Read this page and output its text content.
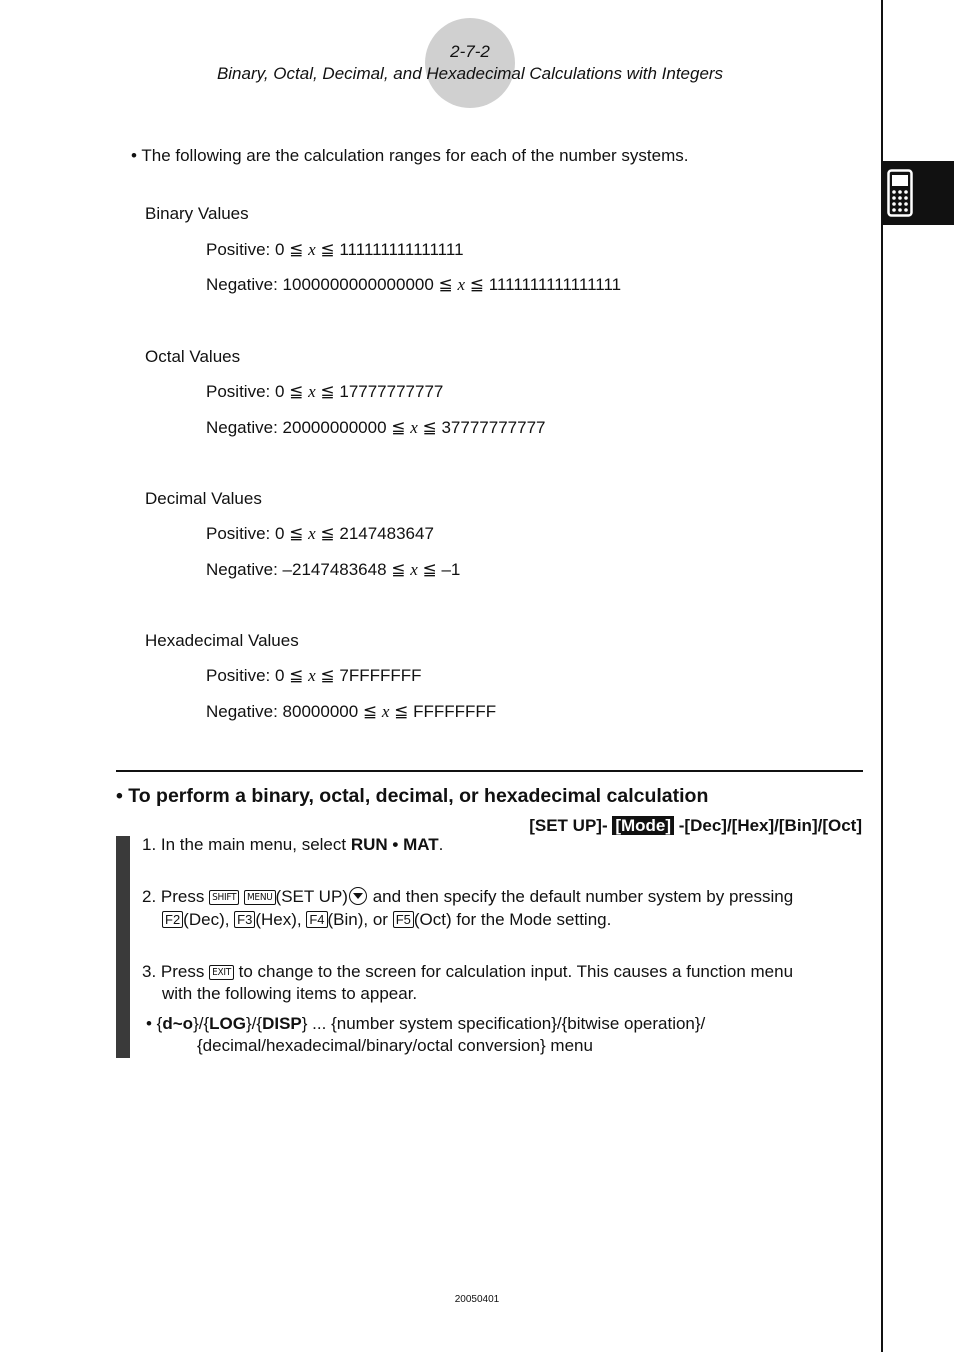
2-7-2
Binary, Octal, Decimal, and Hexadecimal Calculations with Integers
• The following are the calculation ranges for each of the number systems.
Binary Values
Positive: 0 ≦ x ≦ 111111111111111
Negative: 1000000000000000 ≦ x ≦ 1111111111111111
Octal Values
Positive: 0 ≦ x ≦ 17777777777
Negative: 20000000000 ≦ x ≦ 37777777777
Decimal Values
Positive: 0 ≦ x ≦ 2147483647
Negative: –2147483648 ≦ x ≦ –1
Hexadecimal Values
Positive: 0 ≦ x ≦ 7FFFFFFF
Negative: 80000000 ≦ x ≦ FFFFFFFF
• To perform a binary, octal, decimal, or hexadecimal calculation
[SET UP]- [Mode] -[Dec]/[Hex]/[Bin]/[Oct]
1. In the main menu, select RUN • MAT.
2. Press SHIFT MENU (SET UP) and then specify the default number system by pressing
F2 (Dec), F3 (Hex), F4 (Bin), or F5 (Oct) for the Mode setting.
3. Press EXIT to change to the screen for calculation input. This causes a function menu
with the following items to appear.
• {d~o}/{LOG}/{DISP} ... {number system specification}/{bitwise operation}/
{decimal/hexadecimal/binary/octal conversion} menu
20050401
